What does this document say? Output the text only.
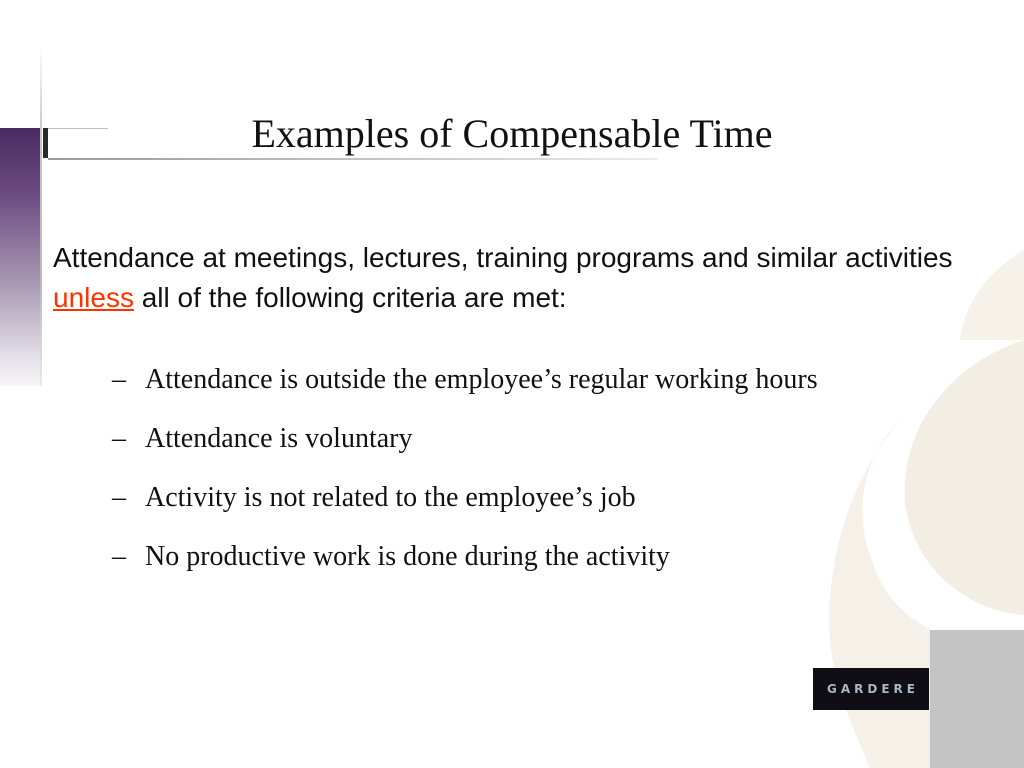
Examples of Compensable Time

Attendance at meetings, lectures, training programs and similar activities unless all of the following criteria are met:

– Attendance is outside the employee’s regular working hours
– Attendance is voluntary
– Activity is not related to the employee’s job
– No productive work is done during the activity
GARDERE
